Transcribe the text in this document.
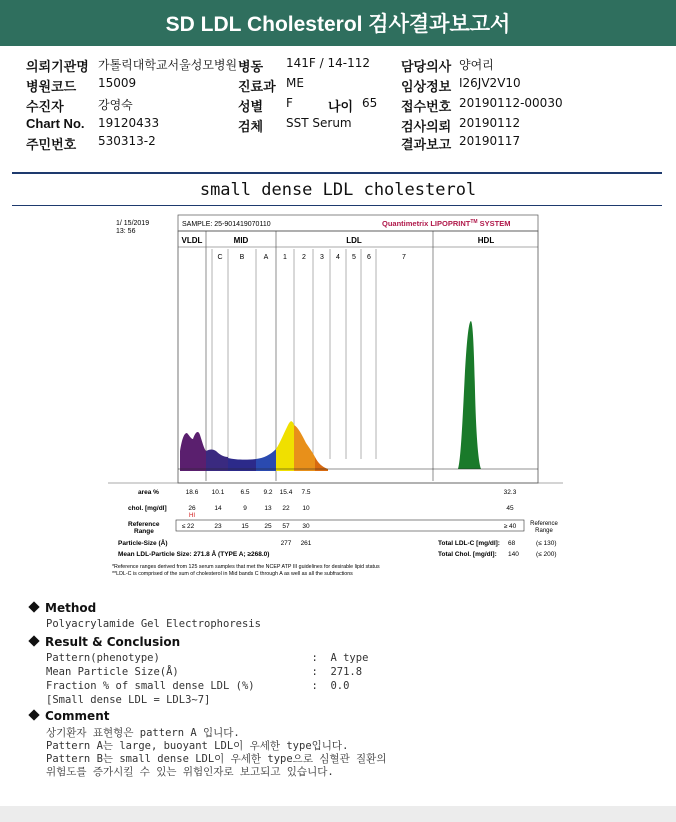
SD LDL Cholesterol 검사결과보고서
의뢰기관명 가톨릭대학교서울성모병원 병동 141F / 14-112 담당의사 양여리
병원코드 15009	진료과 ME	임상정보 I26JV2V10
수진자	강영숙	성별 F	나이 65 접수번호 20190112-00030
Chart No. 19120433	검체 SST Serum	검사의뢰 20190112
주민번호 530313-2	결과보고 20190117
small dense LDL cholesterol
1/ 15/2019
13: 56
SAMPLE: 25-901419070110	Quantimetrix LIPOPRINT™ SYSTEM
VLDL	MID	LDL	HDL
C B	A 1 2 3 4 5 6	7
area %	18.6 10.1 6.5 9.2 15.4 7.5	32.3
chol. [mg/dl]	26	14	9	13 22 10	45
HI
Reference
Range
≤ 22	23	15 25 57 30	≥ 40 Reference
Range
Particle-Size (Å)	277 261	Total LDL-C [mg/dl]: 68	(≤ 130)
Mean LDL-Particle Size: 271.8 Å (TYPE A; ≥268.0)	Total Chol. [mg/dl]: 140	(≤ 200)
*Reference ranges derived from 125 serum samples that met the NCEP ATP III guidelines for desirable lipid status
**LDL-C is comprised of the sum of cholesterol in Mid bands C through A as well as all the subfractions
Method
Polyacrylamide Gel Electrophoresis
Result & Conclusion
Pattern(phenotype)                        :  A type
Mean Particle Size(Å)                     :  271.8
Fraction % of small dense LDL (%)         :  0.0
[Small dense LDL = LDL3~7]
Comment
상기환자 표현형은 pattern A 입니다.
Pattern A는 large, buoyant LDL이 우세한 type입니다.
Pattern B는 small dense LDL이 우세한 type으로 심혈관 질환의
위험도를 증가시킬 수 있는 위험인자로 보고되고 있습니다.
